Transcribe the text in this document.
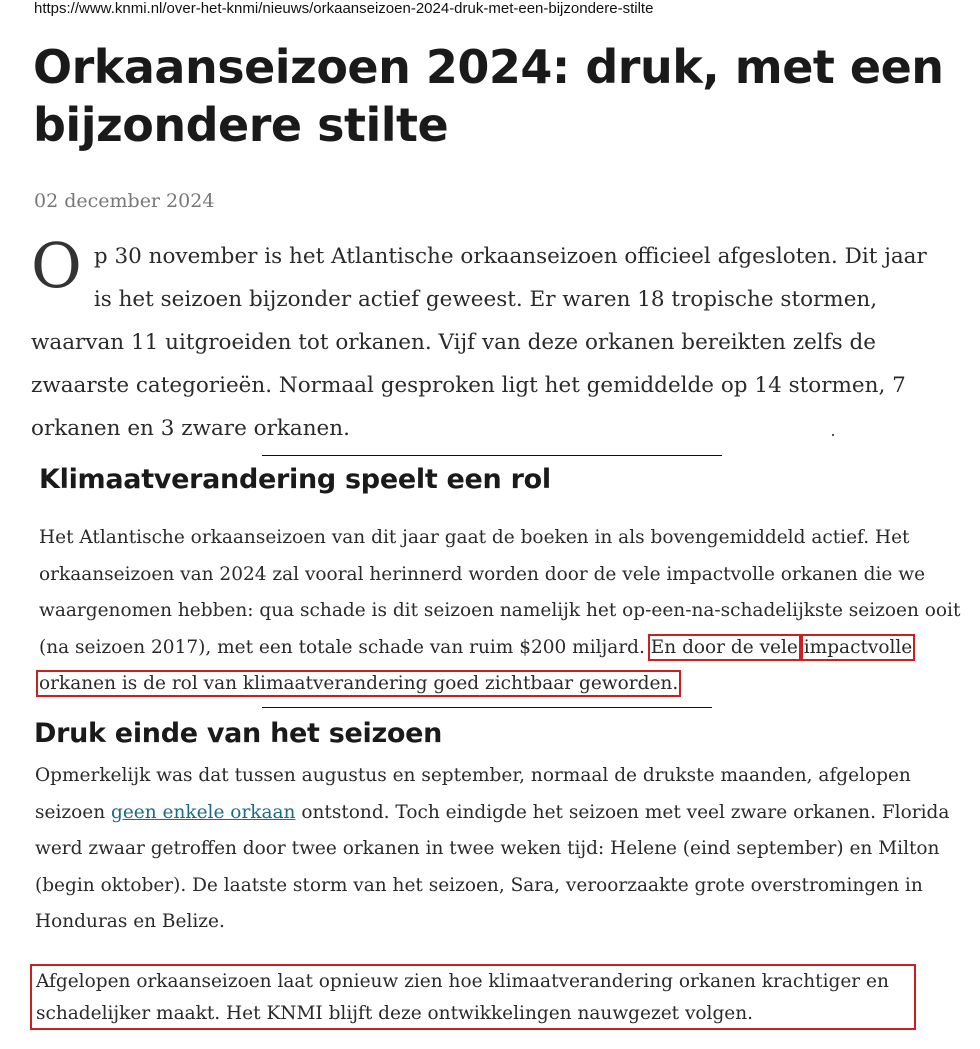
https://www.knmi.nl/over-het-knmi/nieuws/orkaanseizoen-2024-druk-met-een-bijzondere-stilte
Orkaanseizoen 2024: druk, met een bijzondere stilte
02 december 2024
Op 30 november is het Atlantische orkaanseizoen officieel afgesloten. Dit jaar is het seizoen bijzonder actief geweest. Er waren 18 tropische stormen, waarvan 11 uitgroeiden tot orkanen. Vijf van deze orkanen bereikten zelfs de zwaarste categorieën. Normaal gesproken ligt het gemiddelde op 14 stormen, 7 orkanen en 3 zware orkanen.
Klimaatverandering speelt een rol
Het Atlantische orkaanseizoen van dit jaar gaat de boeken in als bovengemiddeld actief. Het orkaanseizoen van 2024 zal vooral herinnerd worden door de vele impactvolle orkanen die we waargenomen hebben: qua schade is dit seizoen namelijk het op-een-na-schadelijkste seizoen ooit (na seizoen 2017), met een totale schade van ruim $200 miljard. En door de vele impactvolle orkanen is de rol van klimaatverandering goed zichtbaar geworden.
Druk einde van het seizoen
Opmerkelijk was dat tussen augustus en september, normaal de drukste maanden, afgelopen seizoen geen enkele orkaan ontstond. Toch eindigde het seizoen met veel zware orkanen. Florida werd zwaar getroffen door twee orkanen in twee weken tijd: Helene (eind september) en Milton (begin oktober). De laatste storm van het seizoen, Sara, veroorzaakte grote overstromingen in Honduras en Belize.
Afgelopen orkaanseizoen laat opnieuw zien hoe klimaatverandering orkanen krachtiger en schadelijker maakt. Het KNMI blijft deze ontwikkelingen nauwgezet volgen.
